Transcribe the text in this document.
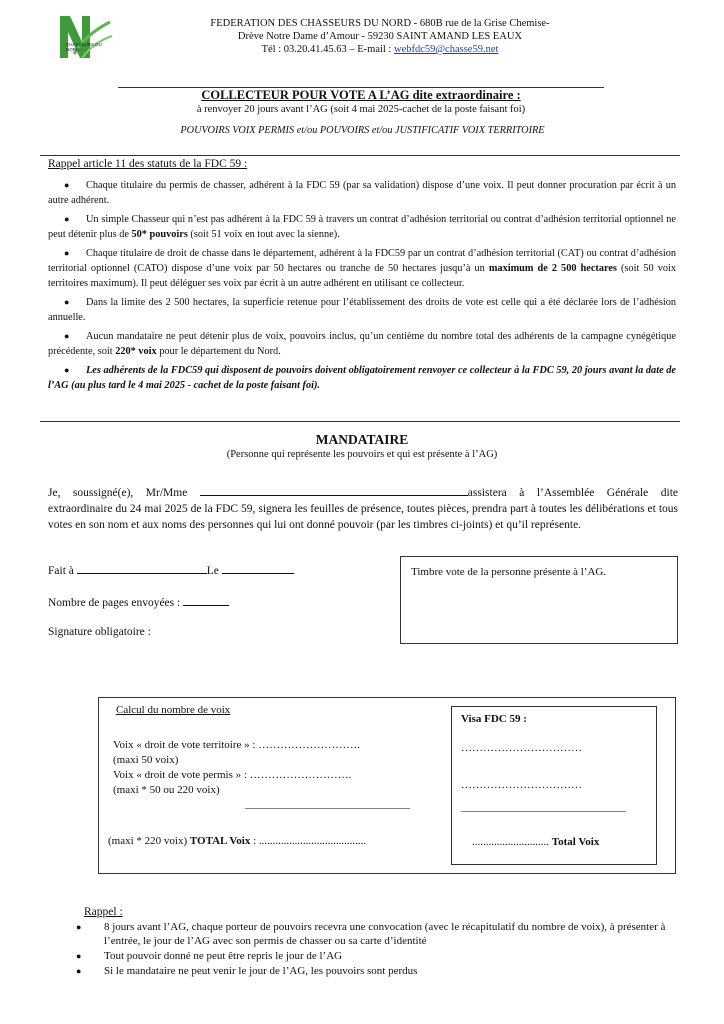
CHASSEURS DU NORD
FEDERATION DES CHASSEURS DU NORD - 680B rue de la Grise Chemise-
Drève Notre Dame d’Amour - 59230 SAINT AMAND LES EAUX
Tél : 03.20.41.45.63 – E-mail : webfdc59@chasse59.net
COLLECTEUR POUR VOTE A L’AG dite extraordinaire :
à renvoyer 20 jours avant l’AG (soit 4 mai 2025-cachet de la poste faisant foi)
POUVOIRS VOIX PERMIS et/ou POUVOIRS et/ou JUSTIFICATIF VOIX TERRITOIRE
Rappel article 11 des statuts de la FDC 59 :
● Chaque titulaire du permis de chasser, adhérent à la FDC 59 (par sa validation) dispose d’une voix. Il peut donner procuration par écrit à un autre adhérent.
● Un simple Chasseur qui n’est pas adhérent à la FDC 59 à travers un contrat d’adhésion territorial ou contrat d’adhésion territorial optionnel ne peut détenir plus de 50* pouvoirs (soit 51 voix en tout avec la sienne).
● Chaque titulaire de droit de chasse dans le département, adhérent à la FDC59 par un contrat d’adhésion territorial (CAT) ou contrat d’adhésion territorial optionnel (CATO) dispose d’une voix par 50 hectares ou tranche de 50 hectares jusqu’à un maximum de 2 500 hectares (soit 50 voix territoires maximum). Il peut déléguer ses voix par écrit à un autre adhérent en utilisant ce collecteur.
● Dans la limite des 2 500 hectares, la superficie retenue pour l’établissement des droits de vote est celle qui a été déclarée lors de l’adhésion annuelle.
● Aucun mandataire ne peut détenir plus de voix, pouvoirs inclus, qu’un centième du nombre total des adhérents de la campagne cynégétique précédente, soit 220* voix pour le département du Nord.
● Les adhérents de la FDC59 qui disposent de pouvoirs doivent obligatoirement renvoyer ce collecteur à la FDC 59, 20 jours avant la date de l’AG (au plus tard le 4 mai 2025 - cachet de la poste faisant foi).
MANDATAIRE
(Personne qui représente les pouvoirs et qui est présente à l’AG)
Je, soussigné(e), Mr/Mme	assistera à l’Assemblée Générale dite extraordinaire du 24 mai 2025 de la FDC 59, signera les feuilles de présence, toutes pièces, prendra part à toutes les délibérations et tous votes en son nom et aux noms des personnes qui lui ont donné pouvoir (par les timbres ci-joints) et qu’il représente.
Fait à	Le
Nombre de pages envoyées :
Signature obligatoire :
Timbre vote de la personne présente à l’AG.
Calcul du nombre de voix
Voix « droit de vote territoire » : ……………………….
(maxi 50 voix)
Voix « droit de vote permis » : ……………………….
(maxi * 50 ou 220 voix)
______________________________
(maxi * 220 voix) TOTAL Voix : .......................................
Visa FDC 59 :
……………………………
……………………………
______________________________
............................ Total Voix
Rappel :
●	8 jours avant l’AG, chaque porteur de pouvoirs recevra une convocation (avec le récapitulatif du nombre de voix), à présenter à l’entrée, le jour de l’AG avec son permis de chasser ou sa carte d’identité
●	Tout pouvoir donné ne peut être repris le jour de l’AG
●	Si le mandataire ne peut venir le jour de l’AG, les pouvoirs sont perdus
